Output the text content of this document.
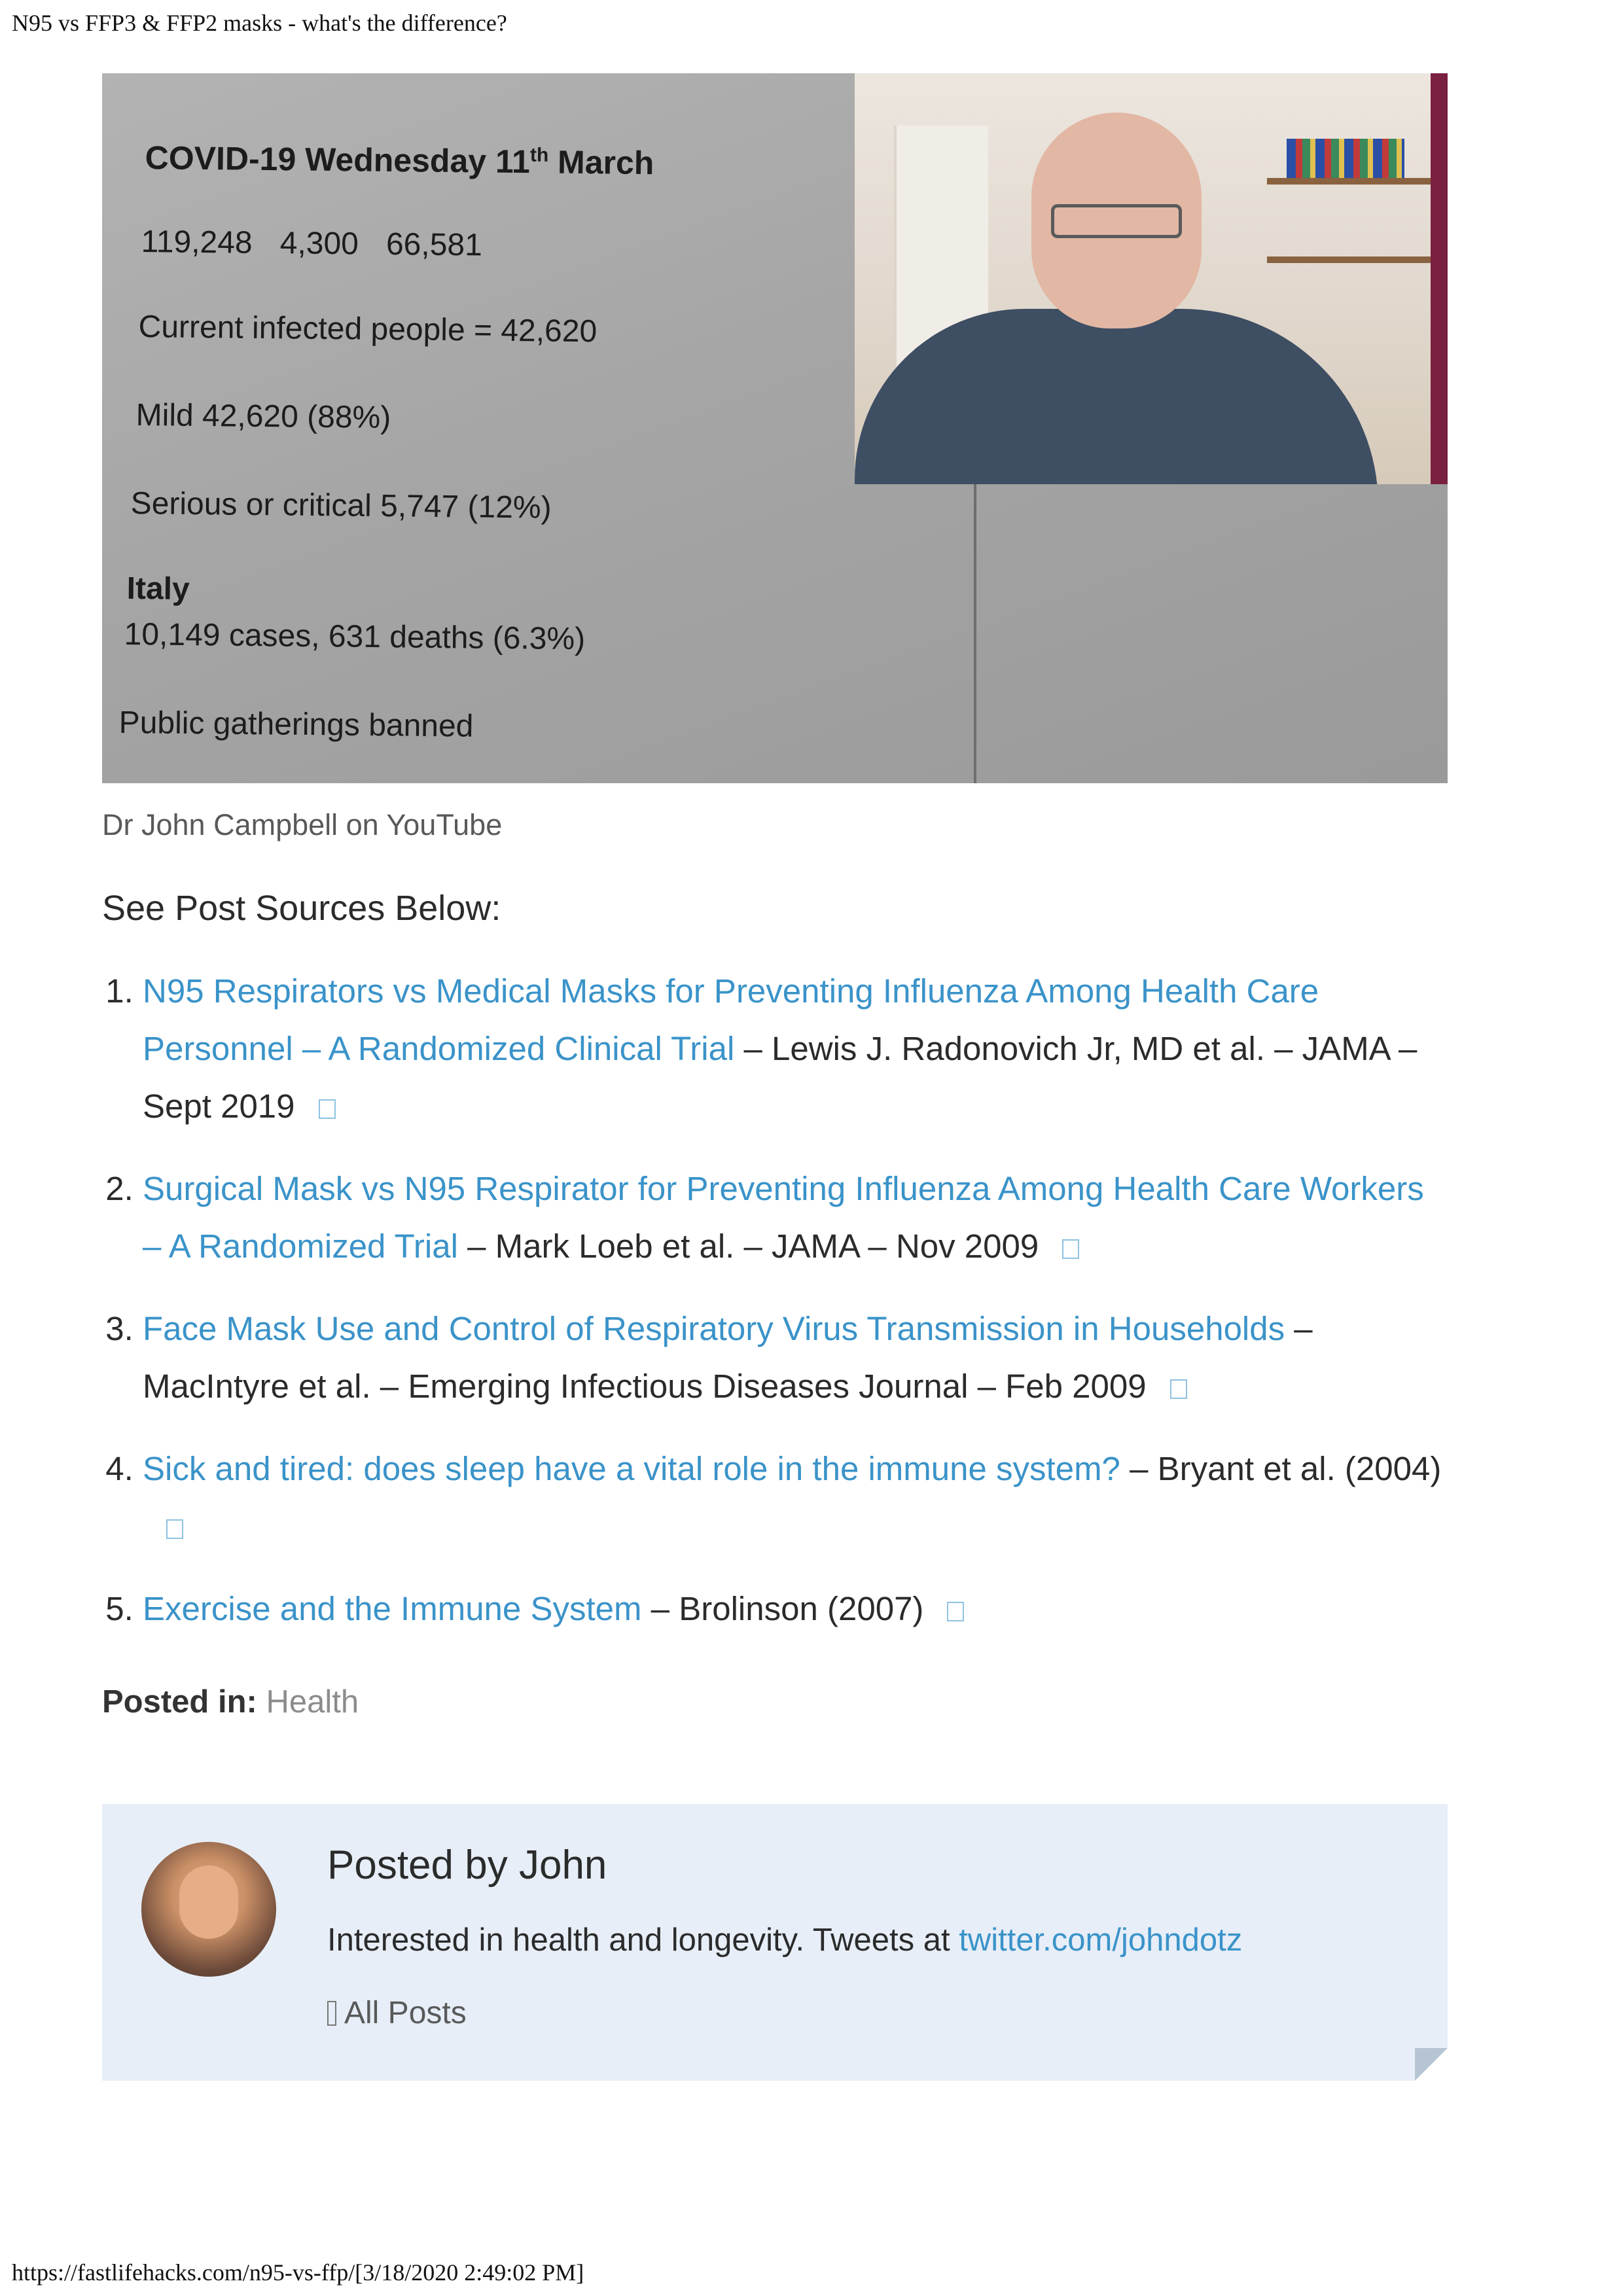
N95 vs FFP3 & FFP2 masks - what's the difference?
COVID-19 Wednesday 11th March
119,248 4,300 66,581
Current infected people = 42,620
Mild 42,620 (88%)
Serious or critical 5,747 (12%)
Italy
10,149 cases, 631 deaths (6.3%)
Public gatherings banned
Dr John Campbell on YouTube
See Post Sources Below:
1. N95 Respirators vs Medical Masks for Preventing Influenza Among Health Care Personnel – A Randomized Clinical Trial – Lewis J. Radonovich Jr, MD et al. – JAMA – Sept 2019
2. Surgical Mask vs N95 Respirator for Preventing Influenza Among Health Care Workers – A Randomized Trial – Mark Loeb et al. – JAMA – Nov 2009
3. Face Mask Use and Control of Respiratory Virus Transmission in Households – MacIntyre et al. – Emerging Infectious Diseases Journal – Feb 2009
4. Sick and tired: does sleep have a vital role in the immune system? – Bryant et al. (2004)
5. Exercise and the Immune System – Brolinson (2007)
Posted in: Health
Posted by John
Interested in health and longevity. Tweets at twitter.com/johndotz
All Posts
https://fastlifehacks.com/n95-vs-ffp/[3/18/2020 2:49:02 PM]
